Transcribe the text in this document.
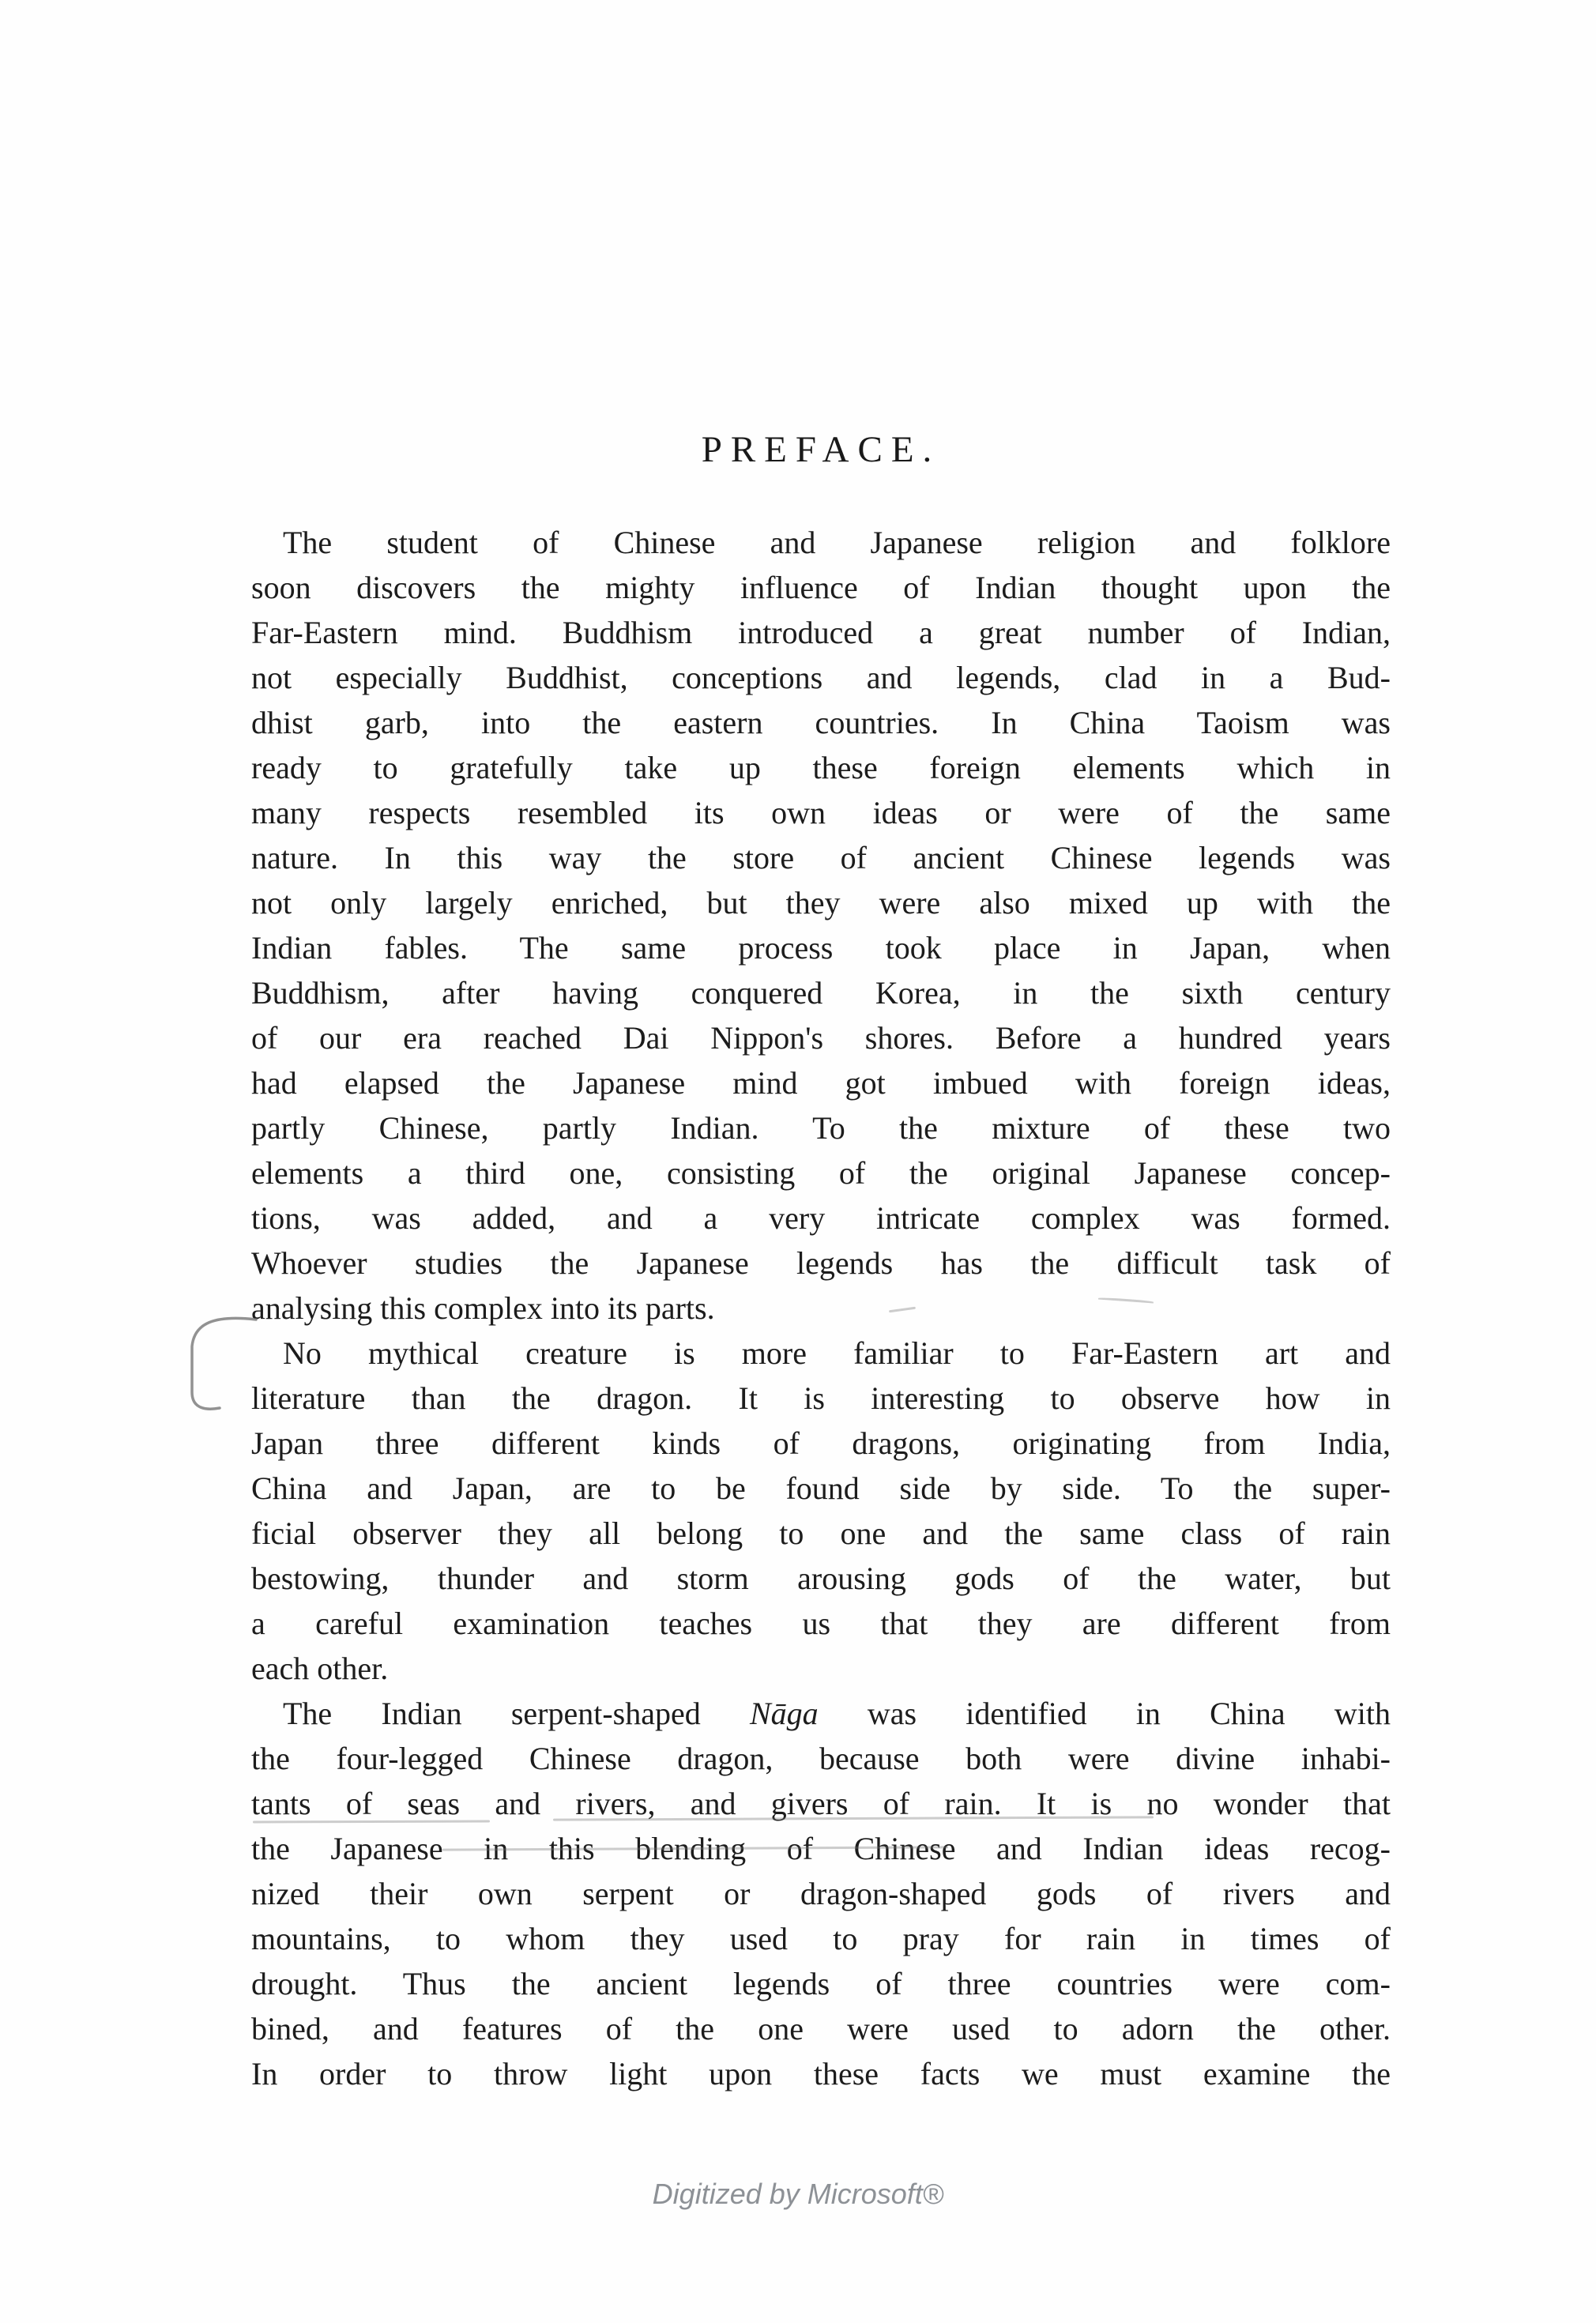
PREFACE.
The student of Chinese and Japanese religion and folklore
soon discovers the mighty influence of Indian thought upon the
Far-Eastern mind. Buddhism introduced a great number of Indian,
not especially Buddhist, conceptions and legends, clad in a Bud-
dhist garb, into the eastern countries. In China Taoism was
ready to gratefully take up these foreign elements which in
many respects resembled its own ideas or were of the same
nature. In this way the store of ancient Chinese legends was
not only largely enriched, but they were also mixed up with the
Indian fables. The same process took place in Japan, when
Buddhism, after having conquered Korea, in the sixth century
of our era reached Dai Nippon's shores. Before a hundred years
had elapsed the Japanese mind got imbued with foreign ideas,
partly Chinese, partly Indian. To the mixture of these two
elements a third one, consisting of the original Japanese concep-
tions, was added, and a very intricate complex was formed.
Whoever studies the Japanese legends has the difficult task of
analysing this complex into its parts.
No mythical creature is more familiar to Far-Eastern art and
literature than the dragon. It is interesting to observe how in
Japan three different kinds of dragons, originating from India,
China and Japan, are to be found side by side. To the super-
ficial observer they all belong to one and the same class of rain
bestowing, thunder and storm arousing gods of the water, but
a careful examination teaches us that they are different from
each other.
The Indian serpent-shaped Nāga was identified in China with
the four-legged Chinese dragon, because both were divine inhabi-
tants of seas and rivers, and givers of rain. It is no wonder that
the Japanese in this blending of Chinese and Indian ideas recog-
nized their own serpent or dragon-shaped gods of rivers and
mountains, to whom they used to pray for rain in times of
drought. Thus the ancient legends of three countries were com-
bined, and features of the one were used to adorn the other.
In order to throw light upon these facts we must examine the
Digitized by Microsoft®
